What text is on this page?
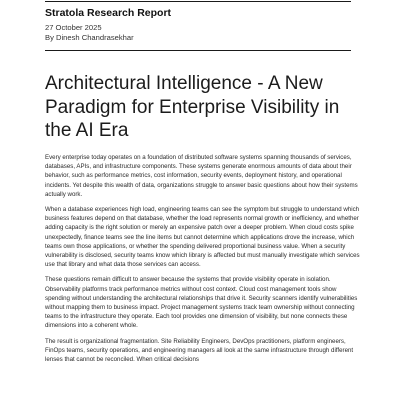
Stratola Research Report
27 October 2025
By Dinesh Chandrasekhar
Architectural Intelligence - A New Paradigm for Enterprise Visibility in the AI Era

Every enterprise today operates on a foundation of distributed software systems spanning thousands of services, databases, APIs, and infrastructure components. These systems generate enormous amounts of data about their behavior, such as performance metrics, cost information, security events, deployment history, and operational incidents. Yet despite this wealth of data, organizations struggle to answer basic questions about how their systems actually work.

When a database experiences high load, engineering teams can see the symptom but struggle to understand which business features depend on that database, whether the load represents normal growth or inefficiency, and whether adding capacity is the right solution or merely an expensive patch over a deeper problem. When cloud costs spike unexpectedly, finance teams see the line items but cannot determine which applications drove the increase, which teams own those applications, or whether the spending delivered proportional business value. When a security vulnerability is disclosed, security teams know which library is affected but must manually investigate which services use that library and what data those services can access.

These questions remain difficult to answer because the systems that provide visibility operate in isolation. Observability platforms track performance metrics without cost context. Cloud cost management tools show spending without understanding the architectural relationships that drive it. Security scanners identify vulnerabilities without mapping them to business impact. Project management systems track team ownership without connecting teams to the infrastructure they operate. Each tool provides one dimension of visibility, but none connects these dimensions into a coherent whole.

The result is organizational fragmentation. Site Reliability Engineers, DevOps practitioners, platform engineers, FinOps teams, security operations, and engineering managers all look at the same infrastructure through different lenses that cannot be reconciled. When critical decisions
